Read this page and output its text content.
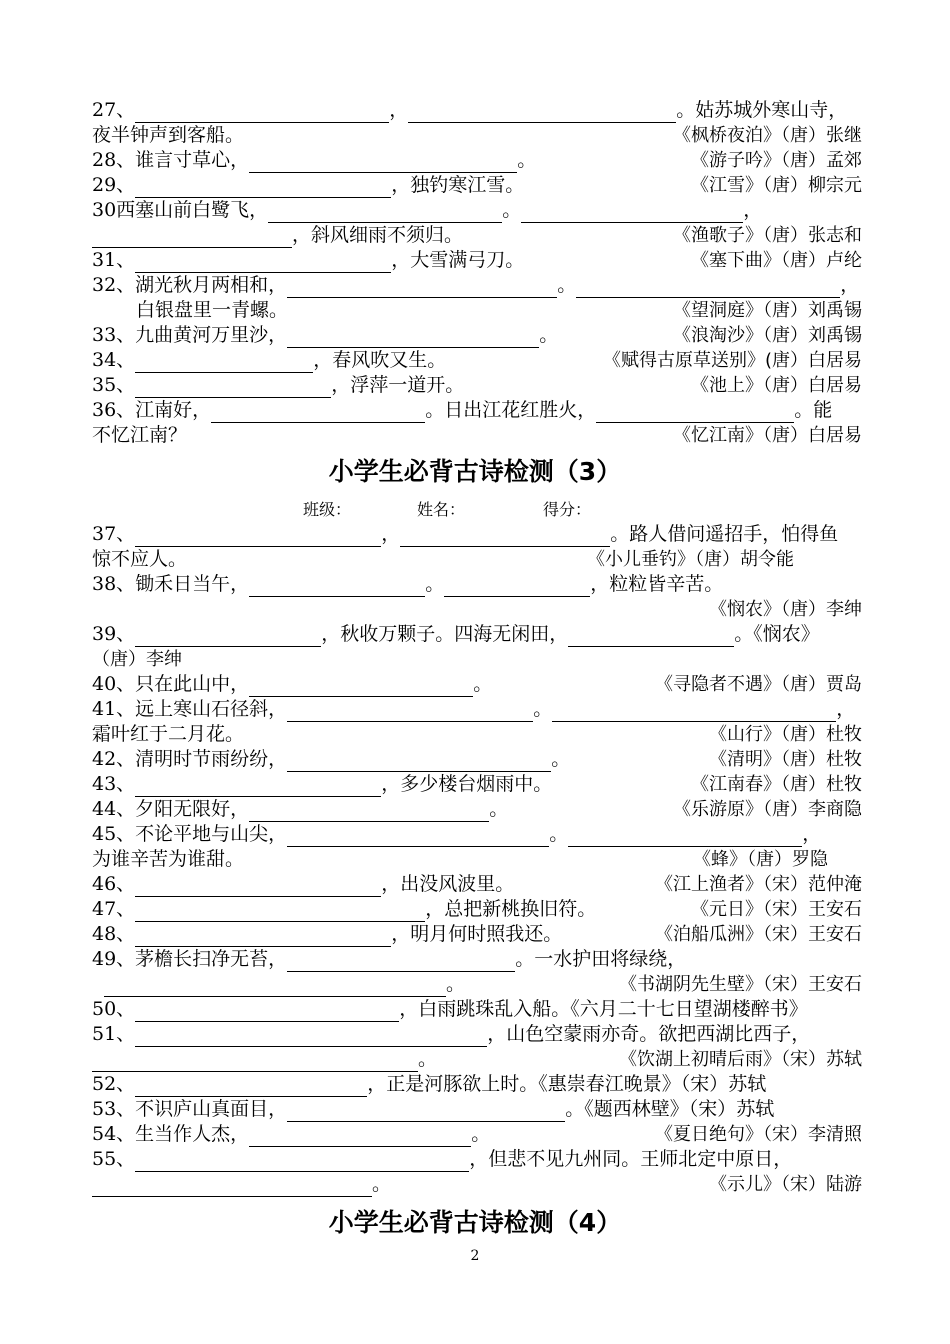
27、	，	。姑苏城外寒山寺，
夜半钟声到客船。	《枫桥夜泊》（唐）张继
28、谁言寸草心，	。	《游子吟》（唐）孟郊
29、	，独钓寒江雪。	《江雪》（唐）柳宗元
30西塞山前白鹭飞，	。	，
，斜风细雨不须归。	《渔歌子》（唐）张志和
31、	，大雪满弓刀。	《塞下曲》（唐）卢纶
32、湖光秋月两相和，	。	，
白银盘里一青螺。	《望洞庭》（唐）刘禹锡
33、九曲黄河万里沙，	。	《浪淘沙》（唐）刘禹锡
34、	，春风吹又生。	《赋得古原草送别》(唐）白居易
35、	，浮萍一道开。	《池上》（唐）白居易
36、江南好，	。日出江花红胜火，	。能
不忆江南？	《忆江南》（唐）白居易
小学生必背古诗检测（3）
班级：	姓名：	得分：
37、	，	。路人借问遥招手，怕得鱼
惊不应人。	《小儿垂钓》（唐）胡令能
38、锄禾日当午，	。	，粒粒皆辛苦。
《悯农》（唐）李绅
39、	，秋收万颗子。四海无闲田，	。《悯农》
（唐）李绅
40、只在此山中，	。	《寻隐者不遇》（唐）贾岛
41、远上寒山石径斜，	。	，
霜叶红于二月花。	《山行》（唐）杜牧
42、清明时节雨纷纷，	。	《清明》（唐）杜牧
43、	，多少楼台烟雨中。	《江南春》（唐）杜牧
44、夕阳无限好，	。	《乐游原》（唐）李商隐
45、不论平地与山尖，	。	，
为谁辛苦为谁甜。	《蜂》（唐）罗隐
46、	，出没风波里。	《江上渔者》（宋）范仲淹
47、	，总把新桃换旧符。	《元日》（宋）王安石
48、	，明月何时照我还。	《泊船瓜洲》（宋）王安石
49、茅檐长扫净无苔，	。一水护田将绿绕，
。	《书湖阴先生壁》（宋）王安石
50、	，白雨跳珠乱入船。《六月二十七日望湖楼醉书》
51、	，山色空蒙雨亦奇。欲把西湖比西子，
。	《饮湖上初晴后雨》（宋）苏轼
52、	，正是河豚欲上时。《惠崇春江晚景》（宋）苏轼
53、不识庐山真面目，	。《题西林壁》（宋）苏轼
54、生当作人杰，	。	《夏日绝句》（宋）李清照
55、	，但悲不见九州同。王师北定中原日，
。	《示儿》（宋）陆游
小学生必背古诗检测（4）
2
